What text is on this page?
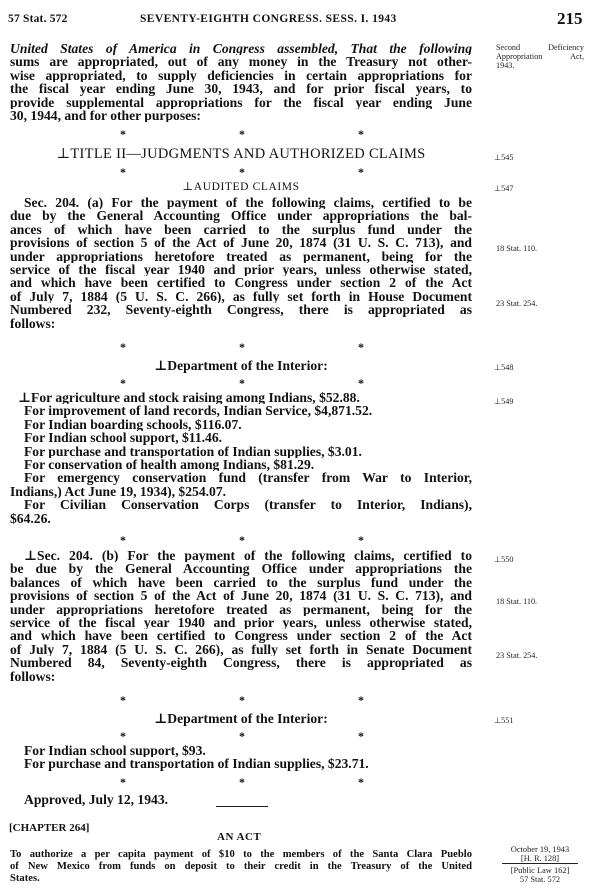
57 Stat. 572	SEVENTY-EIGHTH CONGRESS. SESS. I. 1943	215
United States of America in Congress assembled, That the following
sums are appropriated, out of any money in the Treasury not other-
wise appropriated, to supply deficiencies in certain appropriations for
the fiscal year ending June 30, 1943, and for prior fiscal years, to
provide supplemental appropriations for the fiscal year ending June
30, 1944, and for other purposes:
*	*	*
⊥TITLE II—JUDGMENTS AND AUTHORIZED CLAIMS
*	*	*
⊥AUDITED CLAIMS
Sec. 204. (a) For the payment of the following claims, certified to be
due by the General Accounting Office under appropriations the bal-
ances of which have been carried to the surplus fund under the
provisions of section 5 of the Act of June 20, 1874 (31 U. S. C. 713), and
under appropriations heretofore treated as permanent, being for the
service of the fiscal year 1940 and prior years, unless otherwise stated,
and which have been certified to Congress under section 2 of the Act
of July 7, 1884 (5 U. S. C. 266), as fully set forth in House Document
Numbered 232, Seventy-eighth Congress, there is appropriated as
follows:
*	*	*
⊥Department of the Interior:
*	*	*
⊥For agriculture and stock raising among Indians, $52.88.
For improvement of land records, Indian Service, $4,871.52.
For Indian boarding schools, $116.07.
For Indian school support, $11.46.
For purchase and transportation of Indian supplies, $3.01.
For conservation of health among Indians, $81.29.
For emergency conservation fund (transfer from War to Interior,
Indians,) Act June 19, 1934), $254.07.
For Civilian Conservation Corps (transfer to Interior, Indians),
$64.26.
*	*	*
⊥Sec. 204. (b) For the payment of the following claims, certified to
be due by the General Accounting Office under appropriations the
balances of which have been carried to the surplus fund under the
provisions of section 5 of the Act of June 20, 1874 (31 U. S. C. 713), and
under appropriations heretofore treated as permanent, being for the
service of the fiscal year 1940 and prior years, unless otherwise stated,
and which have been certified to Congress under section 2 of the Act
of July 7, 1884 (5 U. S. C. 266), as fully set forth in Senate Document
Numbered 84, Seventy-eighth Congress, there is appropriated as
follows:
*	*	*
⊥Department of the Interior:
*	*	*
For Indian school support, $93.
For purchase and transportation of Indian supplies, $23.71.
*	*	*
Approved, July 12, 1943.
[CHAPTER 264]
AN ACT
To authorize a per capita payment of $10 to the members of the Santa Clara Pueblo
of New Mexico from funds on deposit to their credit in the Treasury of the United
States.
Second Deficiency
Appropriation Act,
1943.
⊥545
⊥547
18 Stat. 110.
23 Stat. 254.
⊥548
⊥549
⊥550
18 Stat. 110.
23 Stat. 254.
⊥551
October 19, 1943
[H. R. 128]
[Public Law 162]
57 Stat. 572
